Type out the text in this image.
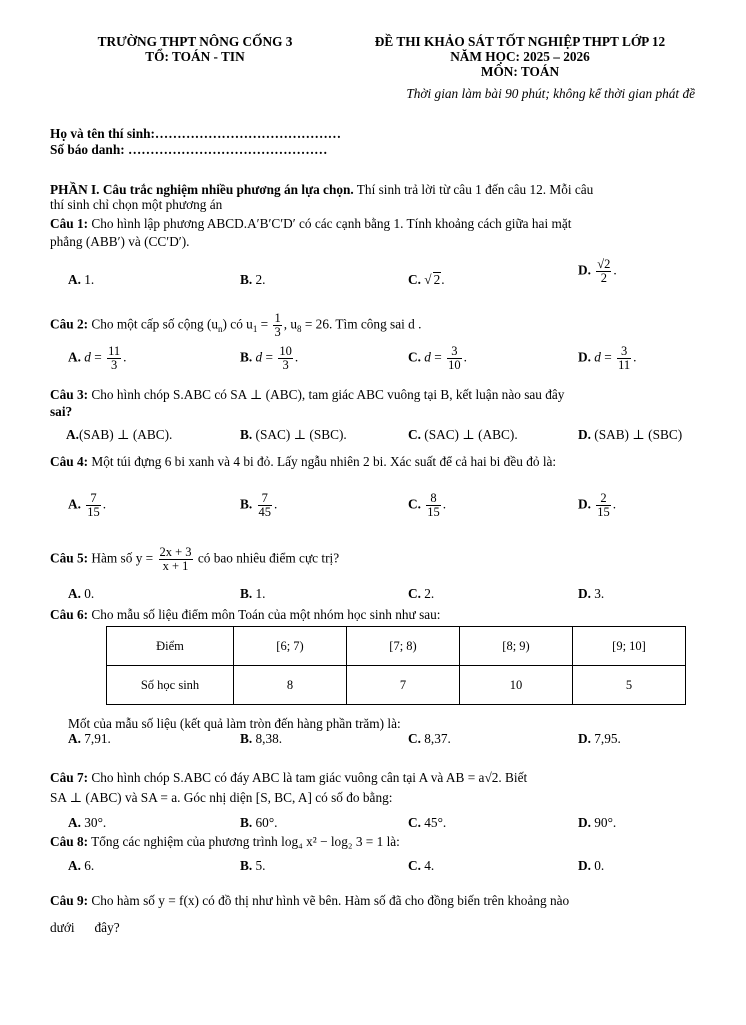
TRƯỜNG THPT NÔNG CỐNG 3
TỔ: TOÁN - TIN
ĐỀ THI KHẢO SÁT TỐT NGHIỆP THPT LỚP 12
NĂM HỌC: 2025 – 2026
MÔN: TOÁN
Thời gian làm bài 90 phút; không kể thời gian phát đề
Họ và tên thí sinh:……………………………………
Số báo danh: ………………………………………
PHẦN I. Câu trắc nghiệm nhiều phương án lựa chọn. Thí sinh trả lời từ câu 1 đến câu 12. Mỗi câu
thí sinh chỉ chọn một phương án
Câu 1: Cho hình lập phương ABCD.A′B′C′D′ có các cạnh bằng 1. Tính khoảng cách giữa hai mặt
phẳng (ABB′) và (CC′D′).
A. 1.	B. 2.	C. √ 2.
D. $\frac{√2}{2}$ .
Câu 2: Cho một cấp số cộng $(u_n)$ có $u_1 = \frac{1}{3}$ , $u_8 = 26$. Tìm công sai d .
A. $d = \frac{11}{3}$ .	B. $d = \frac{10}{3}$ .	C. $d = \frac{3}{10}$ .	D. $d = \frac{3}{11}$ .
Câu 3: Cho hình chóp S.ABC có SA ⊥ (ABC), tam giác ABC vuông tại B, kết luận nào sau đây
sai?
A.(SAB) ⊥ (ABC).	B. (SAC) ⊥ (SBC).	C. (SAC) ⊥ (ABC).	D. (SAB) ⊥ (SBC)
Câu 4: Một túi đựng 6 bi xanh và 4 bi đỏ. Lấy ngẫu nhiên 2 bi. Xác suất để cả hai bi đều đỏ là:
A. $\frac{7}{15}$ .	B. $\frac{7}{45}$ .	C. $\frac{8}{15}$ .	D. $\frac{2}{15}$ .
Câu 5: Hàm số $y = \frac{2x + 3}{x + 1}$ có bao nhiêu điểm cực trị?
A. 0.	B. 1.	C. 2.	D. 3.
Câu 6: Cho mẫu số liệu điểm môn Toán của một nhóm học sinh như sau:
Điểm	[6; 7)	[7; 8)	[8; 9)	[9; 10]
Số học sinh	8	7	10	5
Mốt của mẫu số liệu (kết quả làm tròn đến hàng phần trăm) là:
A. 7,91.	B. 8,38.	C. 8,37.	D. 7,95.
Câu 7: Cho hình chóp S.ABC có đáy ABC là tam giác vuông cân tại A và AB = a√2. Biết
SA ⊥ (ABC) và SA = a. Góc nhị diện [S, BC, A] có số đo bằng:
A. 30°.	B. 60°.	C. 45°.	D. 90°.
Câu 8: Tổng các nghiệm của phương trình log₄ x² − log₂ 3 = 1 là:
A. 6.	B. 5.	C. 4.	D. 0.
Câu 9: Cho hàm số y = f(x) có đồ thị như hình vẽ bên. Hàm số đã cho đồng biến trên khoảng nào
dưới      đây?
